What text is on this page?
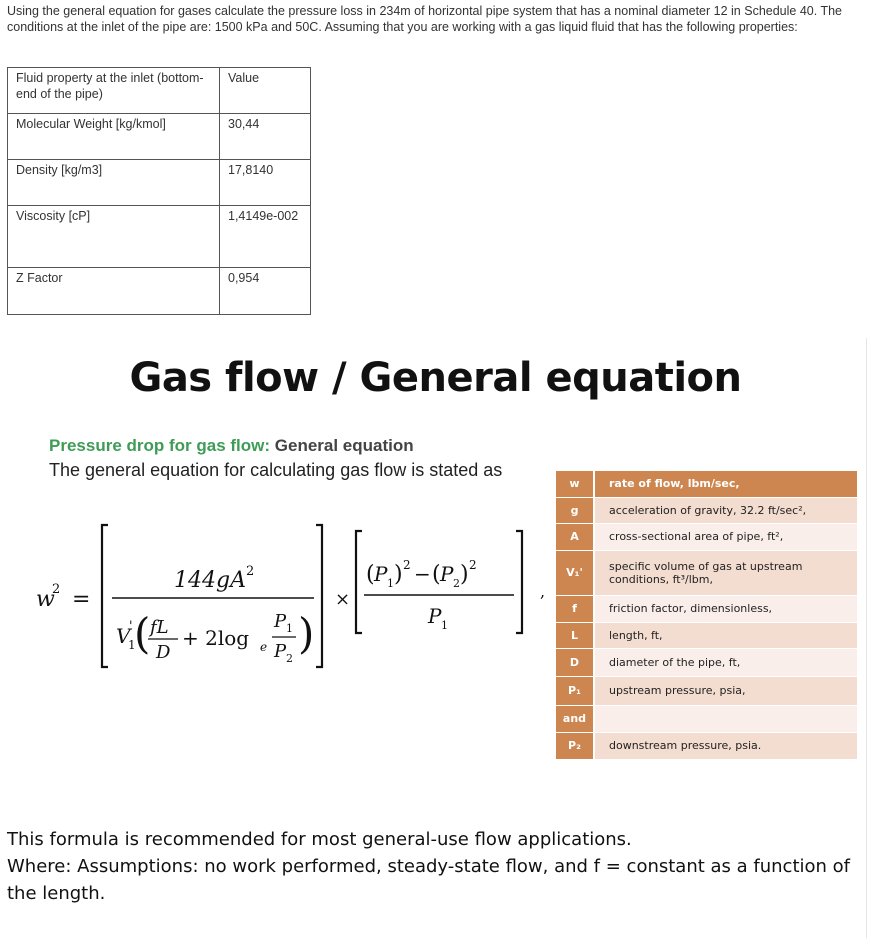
Using the general equation for gases calculate the pressure loss in 234m of horizontal pipe system that has a nominal diameter 12 in Schedule 40. The conditions at the inlet of the pipe are: 1500 kPa and 50C. Assuming that you are working with a gas liquid fluid that has the following properties:

Fluid property at the inlet (bottom-end of the pipe)	Value
Molecular Weight [kg/kmol]	30,44
Density [kg/m3]	17,8140
Viscosity [cP]	1,4149e-002
Z Factor	0,954
Gas flow / General equation
Pressure drop for gas flow: General equation
The general equation for calculating gas flow is stated as
w
2 =
144gA 2
V
1
' ( fL
D
+ 2log e
P 1
P 2
)
×
( P 1 ) 2 − ( P 2 ) 2
P 1
,
w	rate of flow, lbm/sec,
g	acceleration of gravity, 32.2 ft/sec²,
A	cross-sectional area of pipe, ft²,
V₁'	specific volume of gas at upstream conditions, ft³/lbm,
f	friction factor, dimensionless,
L	length, ft,
D	diameter of the pipe, ft,
P₁	upstream pressure, psia,
and	
P₂	downstream pressure, psia.

This formula is recommended for most general-use flow applications.
Where: Assumptions: no work performed, steady-state flow, and f = constant as a function of the length.
